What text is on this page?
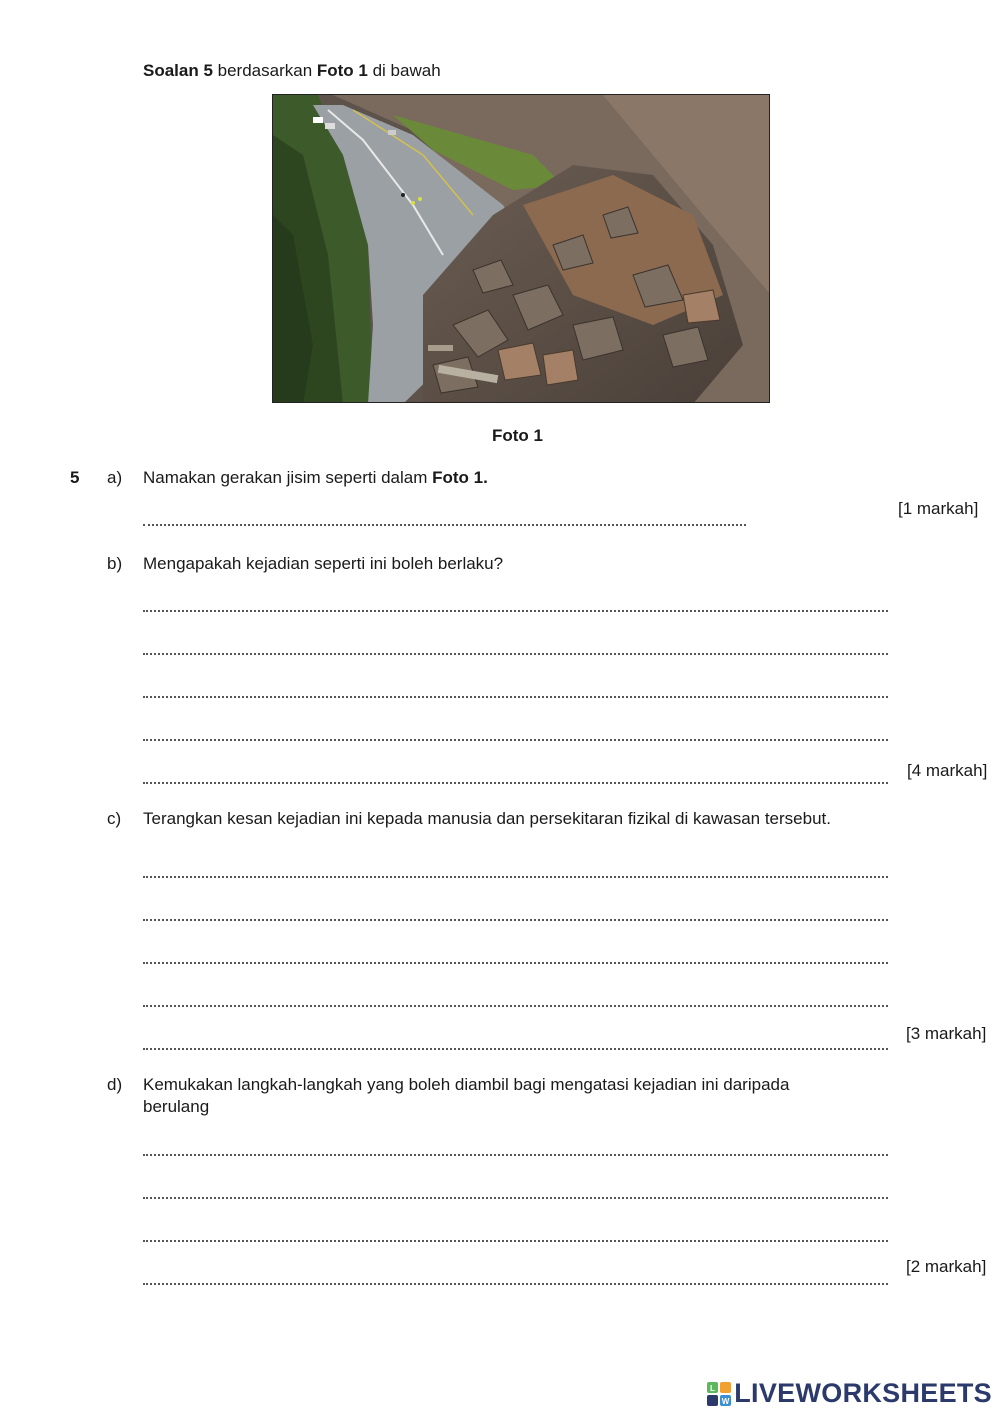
Soalan 5 berdasarkan Foto 1 di bawah
Foto 1
5 a) Namakan gerakan jisim seperti dalam Foto 1.
[1 markah]
b) Mengapakah kejadian seperti ini boleh berlaku?
[4 markah]
c) Terangkan kesan kejadian ini kepada manusia dan persekitaran fizikal di kawasan tersebut.
[3 markah]
d) Kemukakan langkah-langkah yang boleh diambil bagi mengatasi kejadian ini daripada
berulang
[2 markah]
L
W LIVEWORKSHEETS
